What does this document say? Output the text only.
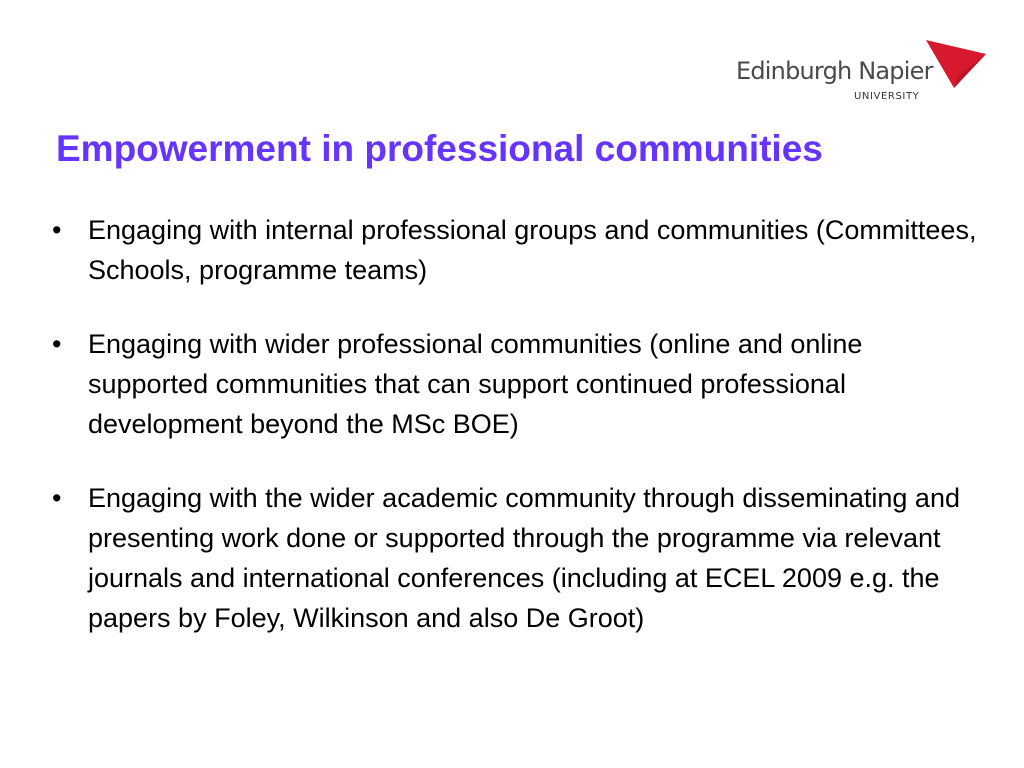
Edinburgh Napier
UNIVERSITY
Empowerment in professional communities
• Engaging with internal professional groups and communities (Committees, Schools, programme teams)
• Engaging with wider professional communities (online and online supported communities that can support continued professional development beyond the MSc BOE)
• Engaging with the wider academic community through disseminating and presenting work done or supported through the programme via relevant journals and international conferences (including at ECEL 2009 e.g. the papers by Foley, Wilkinson and also De Groot)
